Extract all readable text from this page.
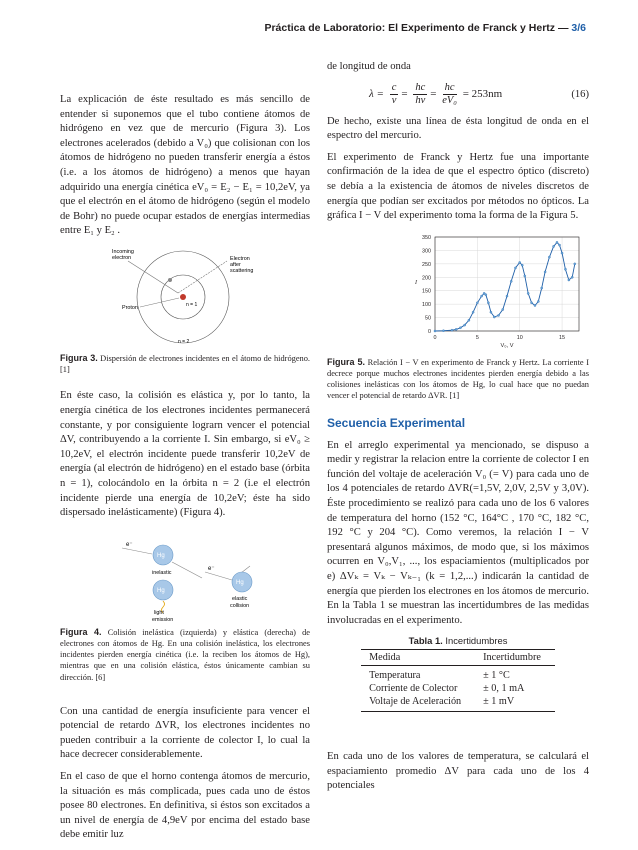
Práctica de Laboratorio: El Experimento de Franck y Hertz — 3/6

La explicación de éste resultado es más sencillo de entender si suponemos que el tubo contiene átomos de hidrógeno en vez que de mercurio (Figura 3). Los electrones acelerados (debido a V₀) que colisionan con los átomos de hidrógeno no pueden transferir energía a éstos (i.e. a los átomos de hidrógeno) a menos que hayan adquirido una energía cinética eV₀ = E₂ − E₁ = 10,2eV, ya que el electrón en el átomo de hidrógeno (según el modelo de Bohr) no puede ocupar estados de energías intermedias entre E₁ y E₂ .

Incoming
electron	Electron
after
scattering
Proton	n = 1
n = 2
Figura 3. Dispersión de electrones incidentes en el átomo de hidrógeno. [1]

En éste caso, la colisión es elástica y, por lo tanto, la energía cinética de los electrones incidentes permanecerá constante, y por consiguiente lograrn vencer el potencial ΔV, contribuyendo a la corriente I. Sin embargo, si eV₀ ≥ 10,2eV, el electrón incidente puede transferir 10,2eV de energía (al electrón de hidrógeno) en el estado base (órbita n = 1), colocándolo en la órbita n = 2 (i.e el electrón incidente pierde una energía de 10,2eV; éste ha sido dispersado inelásticamente) (Figura 4).

e⁻
Hg
inelastic
Hg
light
emission
e⁻
Hg
elastic
collision
Figura 4. Colisión inelástica (izquierda) y elástica (derecha) de electrones con átomos de Hg. En una colisión inelástica, los electrones incidentes pierden energía cinética (i.e. la reciben los átomos de Hg), mientras que en una colisión elástica, éstos únicamente cambian su dirección. [6]

Con una cantidad de energía insuficiente para vencer el potencial de retardo ΔVR, los electrones incidentes no pueden contribuir a la corriente de colector I, lo cual la hace decrecer considerablemente.

En el caso de que el horno contenga átomos de mercurio, la situación es más complicada, pues cada uno de éstos posee 80 electrones. En definitiva, si éstos son excitados a un nivel de energía de 4,9eV por encima del estado base debe emitir luz

de longitud de onda

$\lambda = \frac{c}{\nu} = \frac{hc}{h\nu} = \frac{hc}{\text{eV₀}} = 253nm$	(16)

De hecho, existe una línea de ésta longitud de onda en el espectro del mercurio.

El experimento de Franck y Hertz fue una importante confirmación de la idea de que el espectro óptico (discreto) se debía a la existencia de átomos de niveles discretos de energía que podían ser excitados por métodos no ópticos. La gráfica I − V del experimento toma la forma de la Figura 5.

0
50
100
150
200
250
300
350
0	5	10	15
V₀, V
I
Figura 5. Relación I − V en experimento de Franck y Hertz. La corriente I decrece porque muchos electrones incidentes pierden energía debido a las colisiones inelásticas con los átomos de Hg, lo cual hace que no puedan vencer el potencial de retardo ΔVR. [1]
Secuencia Experimental

En el arreglo experimental ya mencionado, se dispuso a medir y registrar la relacion entre la corriente de colector I en función del voltaje de aceleración V₀ (= V) para cada uno de los 4 potenciales de retardo ΔVR(=1,5V, 2,0V, 2,5V y 3,0V). Éste procedimiento se realizó para cada uno de los 6 valores de temperatura del horno (152 °C, 164°C , 170 °C, 182 °C, 192 °C y 204 °C). Como veremos, la relación I − V presentará algunos máximos, de modo que, si los máximos ocurren en V₀,V₁, ..., los espaciamientos (multiplicados por e) ΔVₖ = Vₖ − Vₖ₋₁ (k = 1,2,...) indicarán la cantidad de energía que pierden los electrones en los átomos de mercurio. En la Tabla 1 se muestran las incertidumbres de las medidas involucradas en el experimento.

Tabla 1. Incertidumbres
Medida	Incertidumbre
Temperatura	± 1 °C
Corriente de Colector	± 0, 1 mA
Voltaje de Aceleración	± 1 mV

En cada uno de los valores de temperatura, se calculará el espaciamiento promedio ΔV para cada uno de los 4 potenciales
